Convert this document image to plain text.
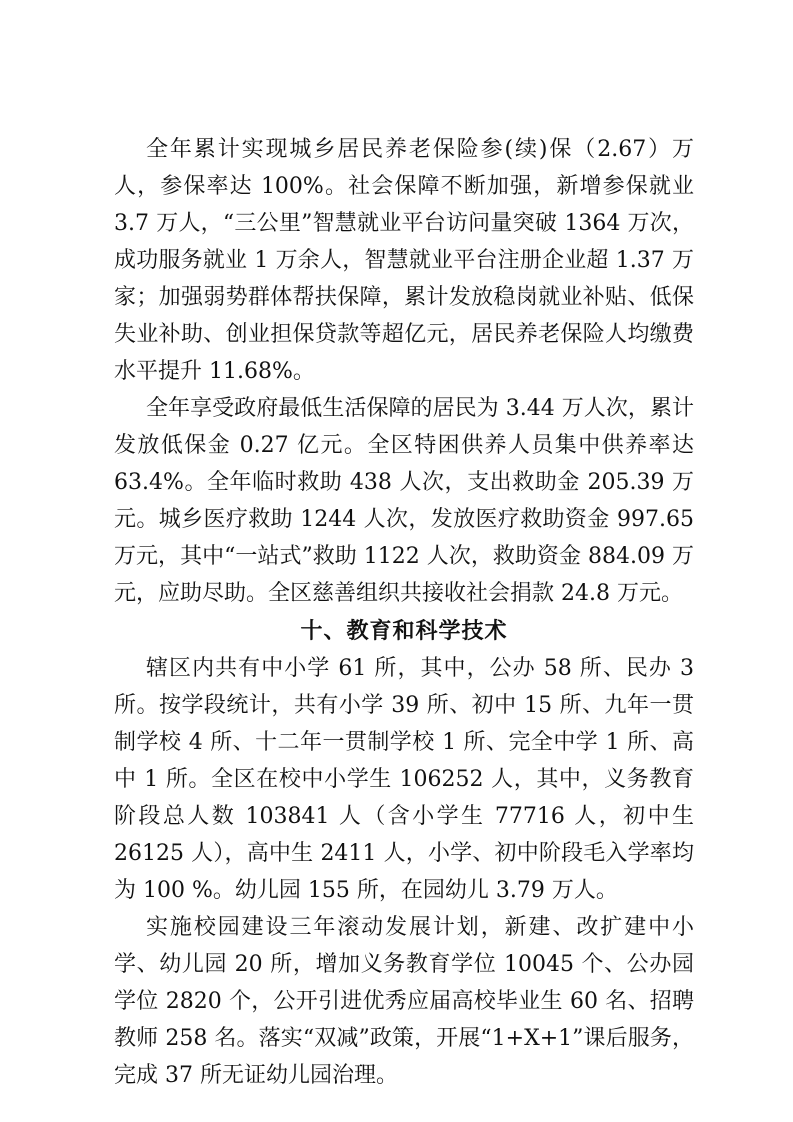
全年累计实现城乡居民养老保险参(续)保（2.67）万人，参保率达 100%。社会保障不断加强，新增参保就业 3.7 万人，“三公里”智慧就业平台访问量突破 1364 万次，成功服务就业 1 万余人，智慧就业平台注册企业超 1.37 万家；加强弱势群体帮扶保障，累计发放稳岗就业补贴、低保失业补助、创业担保贷款等超亿元，居民养老保险人均缴费水平提升 11.68%。

全年享受政府最低生活保障的居民为 3.44 万人次，累计发放低保金 0.27 亿元。全区特困供养人员集中供养率达 63.4%。全年临时救助 438 人次，支出救助金 205.39 万元。城乡医疗救助 1244 人次，发放医疗救助资金 997.65 万元，其中“一站式”救助 1122 人次，救助资金 884.09 万元，应助尽助。全区慈善组织共接收社会捐款 24.8 万元。

十、教育和科学技术

辖区内共有中小学 61 所，其中，公办 58 所、民办 3 所。按学段统计，共有小学 39 所、初中 15 所、九年一贯制学校 4 所、十二年一贯制学校 1 所、完全中学 1 所、高中 1 所。全区在校中小学生 106252 人，其中，义务教育阶段总人数 103841 人（含小学生 77716 人，初中生 26125 人），高中生 2411 人，小学、初中阶段毛入学率均为 100 %。幼儿园 155 所，在园幼儿 3.79 万人。

实施校园建设三年滚动发展计划，新建、改扩建中小学、幼儿园 20 所，增加义务教育学位 10045 个、公办园学位 2820 个，公开引进优秀应届高校毕业生 60 名、招聘教师 258 名。落实“双减”政策，开展“1+X+1”课后服务，完成 37 所无证幼儿园治理。
